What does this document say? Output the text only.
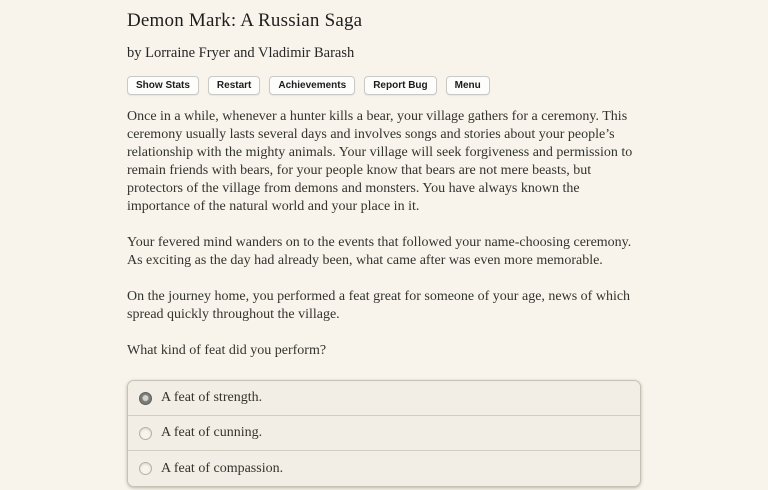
Demon Mark: A Russian Saga
by Lorraine Fryer and Vladimir Barash
Show Stats	Restart	Achievements	Report Bug	Menu

Once in a while, whenever a hunter kills a bear, your village gathers for a ceremony. This ceremony usually lasts several days and involves songs and stories about your people’s relationship with the mighty animals. Your village will seek forgiveness and permission to remain friends with bears, for your people know that bears are not mere beasts, but protectors of the village from demons and monsters. You have always known the importance of the natural world and your place in it.

Your fevered mind wanders on to the events that followed your name-choosing ceremony. As exciting as the day had already been, what came after was even more memorable.

On the journey home, you performed a feat great for someone of your age, news of which spread quickly throughout the village.

What kind of feat did you perform?

A feat of strength.
A feat of cunning.
A feat of compassion.
